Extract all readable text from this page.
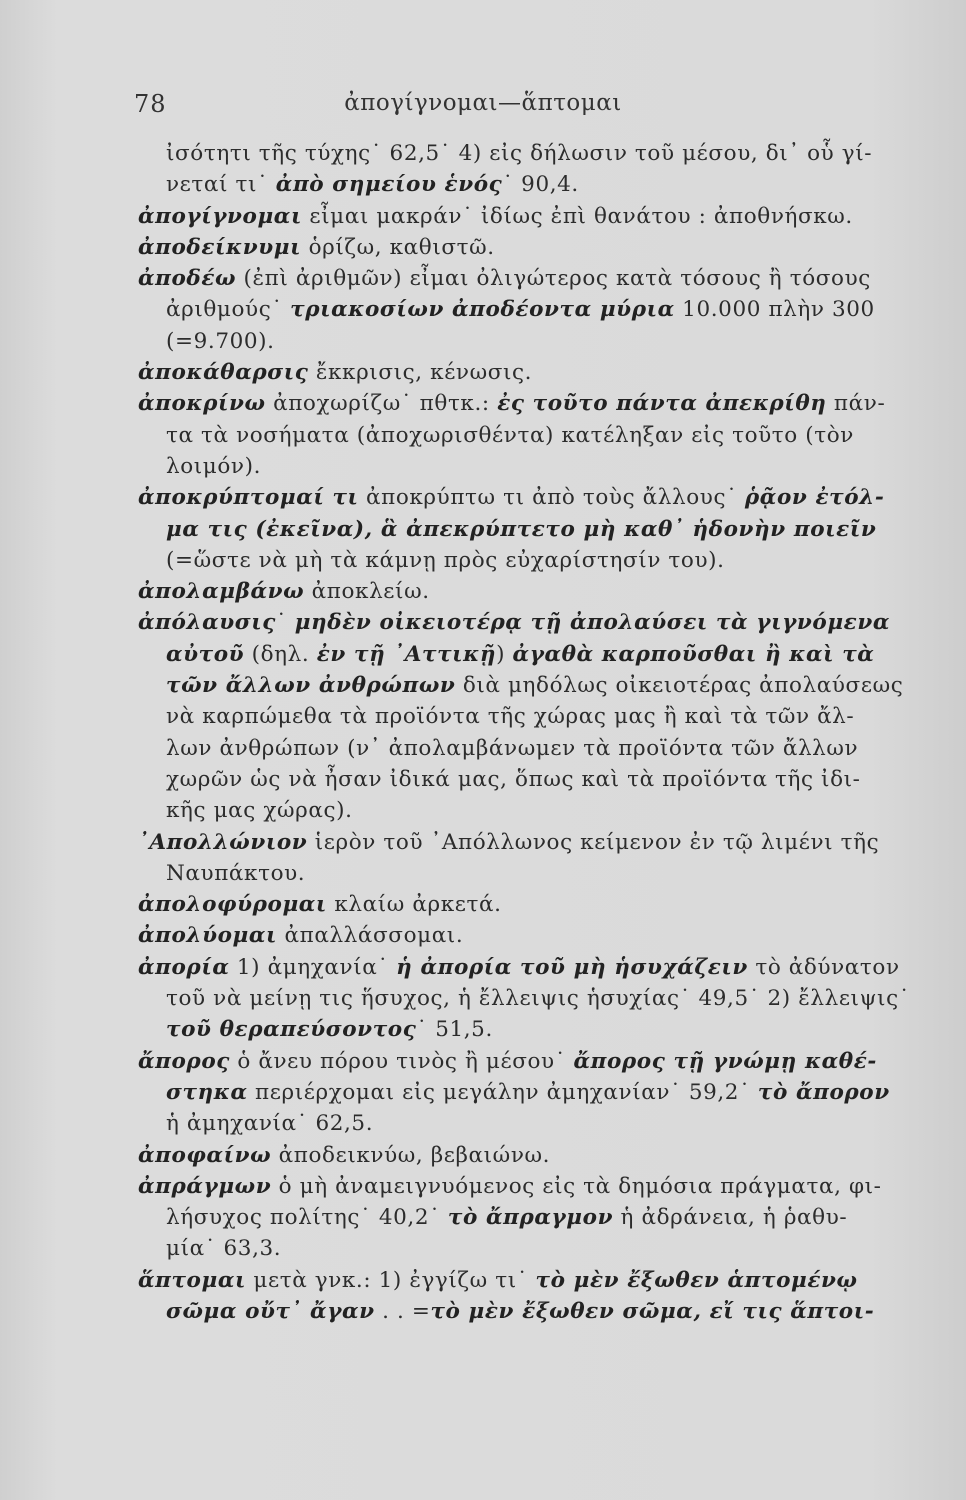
78	ἀπογίγνομαι—ἅπτομαι
ἰσότητι τῆς τύχης˙ 62,5˙ 4) εἰς δήλωσιν τοῦ μέσου, δι᾽ οὗ γί-
νεταί τι˙ ἀπὸ σημείου ἑνός˙ 90,4.
ἀπογίγνομαι εἶμαι μακράν˙ ἰδίως ἐπὶ θανάτου : ἀποθνήσκω.
ἀποδείκνυμι ὁρίζω, καθιστῶ.
ἀποδέω (ἐπὶ ἀριθμῶν) εἶμαι ὀλιγώτερος κατὰ τόσους ἢ τόσους
ἀριθμούς˙ τριακοσίων ἀποδέοντα μύρια 10.000 πλὴν 300
(=9.700).
ἀποκάθαρσις ἔκκρισις, κένωσις.
ἀποκρίνω ἀποχωρίζω˙ πθτκ.: ἐς τοῦτο πάντα ἀπεκρίθη πάν-
τα τὰ νοσήματα (ἀποχωρισθέντα) κατέληξαν εἰς τοῦτο (τὸν
λοιμόν).
ἀποκρύπτομαί τι ἀποκρύπτω τι ἀπὸ τοὺς ἄλλους˙ ῥᾷον ἐτόλ-
μα τις (ἐκεῖνα), ἃ ἀπεκρύπτετο μὴ καθ᾽ ἡδονὴν ποιεῖν
(=ὥστε νὰ μὴ τὰ κάμνῃ πρὸς εὐχαρίστησίν του).
ἀπολαμβάνω ἀποκλείω.
ἀπόλαυσις˙ μηδὲν οἰκειοτέρᾳ τῇ ἀπολαύσει τὰ γιγνόμενα
αὐτοῦ (δηλ. ἐν τῇ ᾽Αττικῇ) ἀγαθὰ καρποῦσθαι ἢ καὶ τὰ
τῶν ἄλλων ἀνθρώπων διὰ μηδόλως οἰκειοτέρας ἀπολαύσεως
νὰ καρπώμεθα τὰ προϊόντα τῆς χώρας μας ἢ καὶ τὰ τῶν ἄλ-
λων ἀνθρώπων (ν᾽ ἀπολαμβάνωμεν τὰ προϊόντα τῶν ἄλλων
χωρῶν ὡς νὰ ἦσαν ἰδικά μας, ὅπως καὶ τὰ προϊόντα τῆς ἰδι-
κῆς μας χώρας).
᾽Απολλώνιον ἱερὸν τοῦ ᾽Απόλλωνος κείμενον ἐν τῷ λιμένι τῆς
Ναυπάκτου.
ἀπολοφύρομαι κλαίω ἀρκετά.
ἀπολύομαι ἀπαλλάσσομαι.
ἀπορία 1) ἀμηχανία˙ ἡ ἀπορία τοῦ μὴ ἡσυχάζειν τὸ ἀδύνατον
τοῦ νὰ μείνῃ τις ἥσυχος, ἡ ἔλλειψις ἡσυχίας˙ 49,5˙ 2) ἔλλειψις˙
τοῦ θεραπεύσοντος˙ 51,5.
ἄπορος ὁ ἄνευ πόρου τινὸς ἢ μέσου˙ ἄπορος τῇ γνώμῃ καθέ-
στηκα περιέρχομαι εἰς μεγάλην ἀμηχανίαν˙ 59,2˙ τὸ ἄπορον
ἡ ἀμηχανία˙ 62,5.
ἀποφαίνω ἀποδεικνύω, βεβαιώνω.
ἀπράγμων ὁ μὴ ἀναμειγνυόμενος εἰς τὰ δημόσια πράγματα, φι-
λήσυχος πολίτης˙ 40,2˙ τὸ ἄπραγμον ἡ ἀδράνεια, ἡ ῥαθυ-
μία˙ 63,3.
ἅπτομαι μετὰ γνκ.: 1) ἐγγίζω τι˙ τὸ μὲν ἔξωθεν ἁπτομένῳ
σῶμα οὔτ᾽ ἄγαν . . =τὸ μὲν ἔξωθεν σῶμα, εἴ τις ἅπτοι-
